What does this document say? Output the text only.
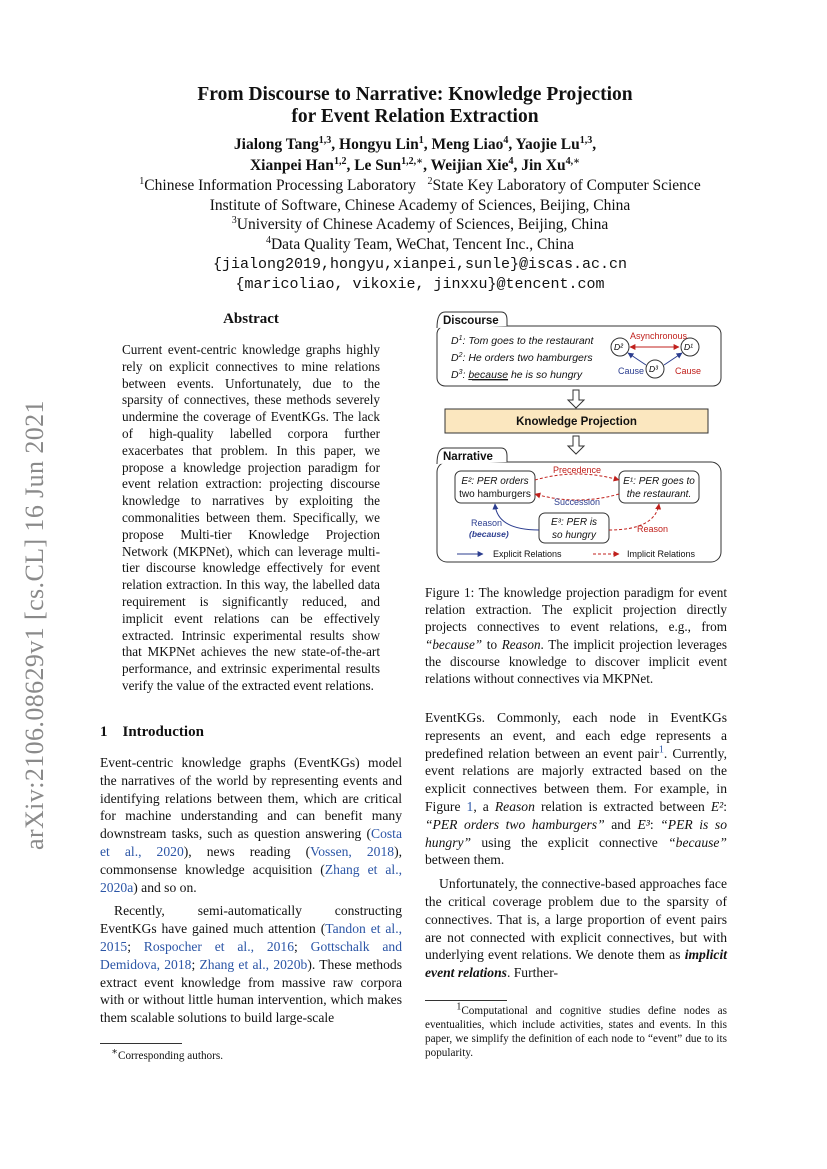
arXiv:2106.08629v1 [cs.CL] 16 Jun 2021
From Discourse to Narrative: Knowledge Projection
for Event Relation Extraction
Jialong Tang$^{1,3}$, Hongyu Lin$^1$, Meng Liao$^4$, Yaojie Lu$^{1,3}$,
Xianpei Han$^{1,2}$, Le Sun$^{1,2,∗}$, Weijian Xie$^4$, Jin $Xu^{4,∗}$
$^1$Chinese Information Processing Laboratory $^2$State Key Laboratory of Computer Science
Institute of Software, Chinese Academy of Sciences, Beijing, China
$^3$University of Chinese Academy of Sciences, Beijing, China
$^4$Data Quality Team, WeChat, Tencent Inc., China
{jialong2019,hongyu,xianpei,sunle}@iscas.ac.cn
{maricoliao, vikoxie, jinxxu}@tencent.com
Abstract
Current event-centric knowledge graphs highly rely on explicit connectives to mine relations between events. Unfortunately, due to the sparsity of connectives, these methods severely undermine the coverage of EventKGs. The lack of high-quality labelled corpora further exacerbates that problem. In this paper, we propose a knowledge projection paradigm for event relation extraction: projecting discourse knowledge to narratives by exploiting the commonalities between them. Specifically, we propose Multi-tier Knowledge Projection Network (MKPNet), which can leverage multi-tier discourse knowledge effectively for event relation extraction. In this way, the labelled data requirement is significantly reduced, and implicit event relations can be effectively extracted. Intrinsic experimental results show that MKPNet achieves the new state-of-the-art performance, and extrinsic experimental results verify the value of the extracted event relations.
1 Introduction

Event-centric knowledge graphs (EventKGs) model the narratives of the world by representing events and identifying relations between them, which are critical for machine understanding and can benefit many downstream tasks, such as question answering (Costa et al., 2020), news reading (Vossen, 2018), commonsense knowledge acquisition (Zhang et al., 2020a) and so on.

Recently, semi-automatically constructing EventKGs have gained much attention (Tandon et al., 2015; Rospocher et al., 2016; Gottschalk and Demidova, 2018; Zhang et al., 2020b). These methods extract event knowledge from massive raw corpora with or without little human intervention, which makes them scalable solutions to build large-scale

∗Corresponding authors.
Discourse
$D^1$: Tom goes to the restaurant
$D^2$: He orders two hamburgers
$D^3$: because he is so hungry
D²	D¹
D³
Asynchronous
Cause	Cause
Knowledge Projection
Narrative
E²: PER orders
two hamburgers
E¹: PER goes to
the restaurant.
E³: PER is
so hungry
Precedence
Succession
Reason
Reason
(because)
Explicit Relations	Implicit Relations
Figure 1: The knowledge projection paradigm for event relation extraction. The explicit projection directly projects connectives to event relations, e.g., from “because” to Reason. The implicit projection leverages the discourse knowledge to discover implicit event relations without connectives via MKPNet.

EventKGs. Commonly, each node in EventKGs represents an event, and each edge represents a predefined relation between an event pair$^1$. Currently, event relations are majorly extracted based on the explicit connectives between them. For example, in Figure 1, a Reason relation is extracted between E²: “PER orders two hamburgers” and E³: “PER is so hungry” using the explicit connective “because” between them.

Unfortunately, the connective-based approaches face the critical coverage problem due to the sparsity of connectives. That is, a large proportion of event pairs are not connected with explicit connectives, but with underlying event relations. We denote them as implicit event relations. Further-

$^1$Computational and cognitive studies define nodes as eventualities, which include activities, states and events. In this paper, we simplify the definition of each node to “event” due to its popularity.
